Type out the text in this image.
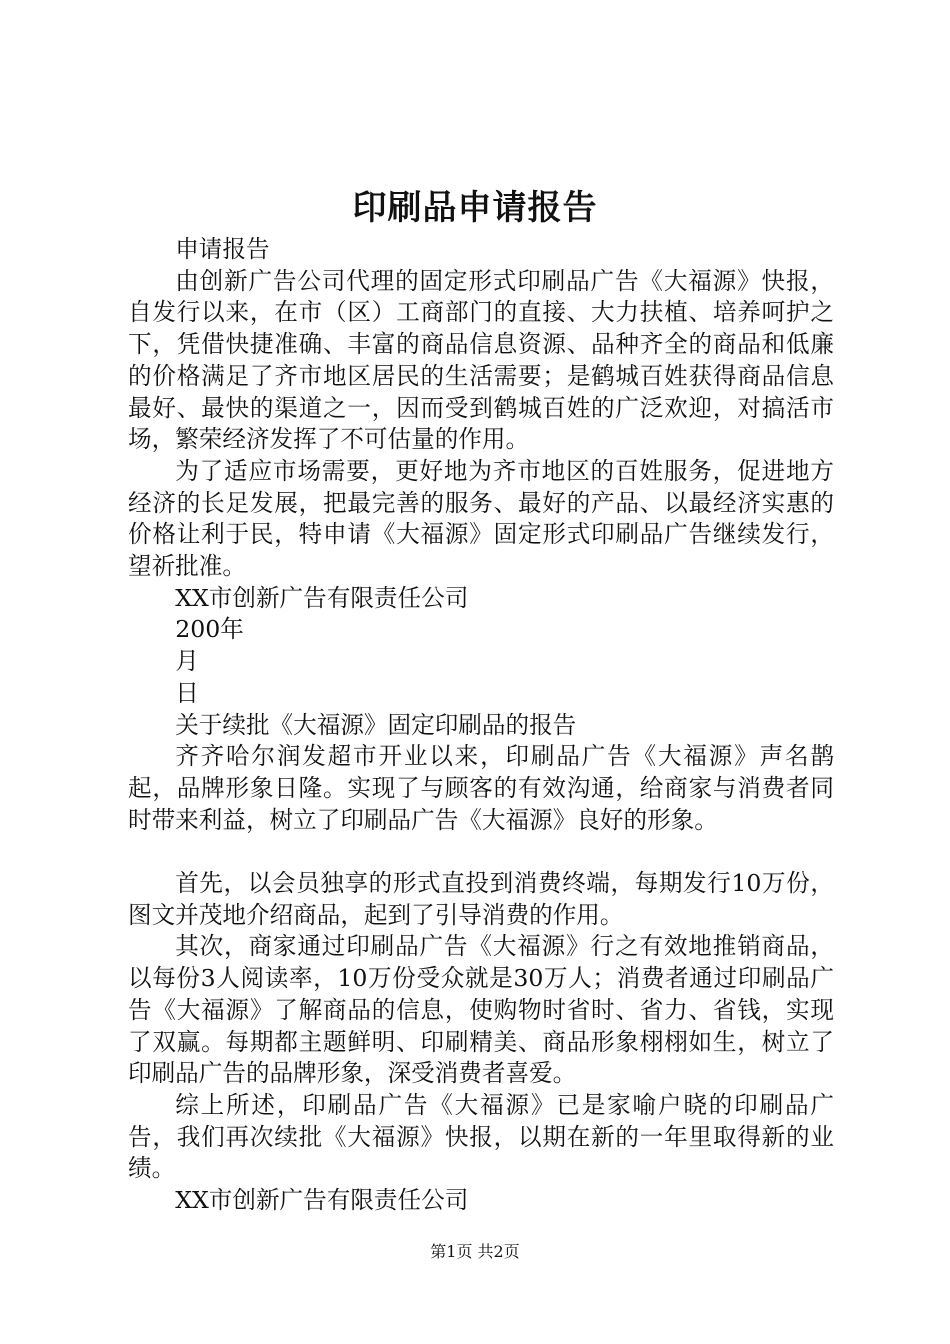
印刷品申请报告

申请报告

由创新广告公司代理的固定形式印刷品广告《大福源》快报，自发行以来，在市（区）工商部门的直接、大力扶植、培养呵护之下，凭借快捷准确、丰富的商品信息资源、品种齐全的商品和低廉的价格满足了齐市地区居民的生活需要；是鹤城百姓获得商品信息最好、最快的渠道之一，因而受到鹤城百姓的广泛欢迎，对搞活市场，繁荣经济发挥了不可估量的作用。

为了适应市场需要，更好地为齐市地区的百姓服务，促进地方经济的长足发展，把最完善的服务、最好的产品、以最经济实惠的价格让利于民，特申请《大福源》固定形式印刷品广告继续发行，望祈批准。

XX市创新广告有限责任公司

200年

月

日

关于续批《大福源》固定印刷品的报告

齐齐哈尔润发超市开业以来，印刷品广告《大福源》声名鹊起，品牌形象日隆。实现了与顾客的有效沟通，给商家与消费者同时带来利益，树立了印刷品广告《大福源》良好的形象。

首先，以会员独享的形式直投到消费终端，每期发行10万份，图文并茂地介绍商品，起到了引导消费的作用。

其次，商家通过印刷品广告《大福源》行之有效地推销商品，以每份3人阅读率，10万份受众就是30万人；消费者通过印刷品广告《大福源》了解商品的信息，使购物时省时、省力、省钱，实现了双赢。每期都主题鲜明、印刷精美、商品形象栩栩如生，树立了印刷品广告的品牌形象，深受消费者喜爱。

综上所述，印刷品广告《大福源》已是家喻户晓的印刷品广告，我们再次续批《大福源》快报，以期在新的一年里取得新的业绩。

XX市创新广告有限责任公司

第1页 共2页
